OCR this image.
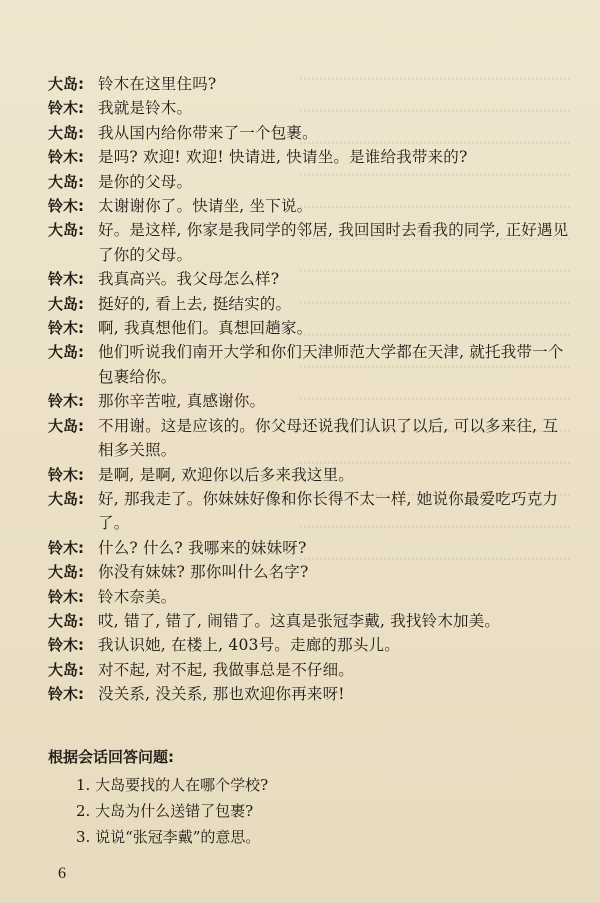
大岛: 铃木在这里住吗?
铃木: 我就是铃木。
大岛: 我从国内给你带来了一个包裹。
铃木: 是吗? 欢迎! 欢迎! 快请进, 快请坐。是谁给我带来的?
大岛: 是你的父母。
铃木: 太谢谢你了。快请坐, 坐下说。
大岛: 好。是这样, 你家是我同学的邻居, 我回国时去看我的同学, 正好遇见了你的父母。
铃木: 我真高兴。我父母怎么样?
大岛: 挺好的, 看上去, 挺结实的。
铃木: 啊, 我真想他们。真想回趟家。
大岛: 他们听说我们南开大学和你们天津师范大学都在天津, 就托我带一个包裹给你。
铃木: 那你辛苦啦, 真感谢你。
大岛: 不用谢。这是应该的。你父母还说我们认识了以后, 可以多来往, 互相多关照。
铃木: 是啊, 是啊, 欢迎你以后多来我这里。
大岛: 好, 那我走了。你妹妹好像和你长得不太一样, 她说你最爱吃巧克力了。
铃木: 什么? 什么? 我哪来的妹妹呀?
大岛: 你没有妹妹? 那你叫什么名字?
铃木: 铃木奈美。
大岛: 哎, 错了, 错了, 闹错了。这真是张冠李戴, 我找铃木加美。
铃木: 我认识她, 在楼上, 403号。走廊的那头儿。
大岛: 对不起, 对不起, 我做事总是不仔细。
铃木: 没关系, 没关系, 那也欢迎你再来呀!
根据会话回答问题:
1. 大岛要找的人在哪个学校?
2. 大岛为什么送错了包裹?
3. 说说“张冠李戴”的意思。
6
